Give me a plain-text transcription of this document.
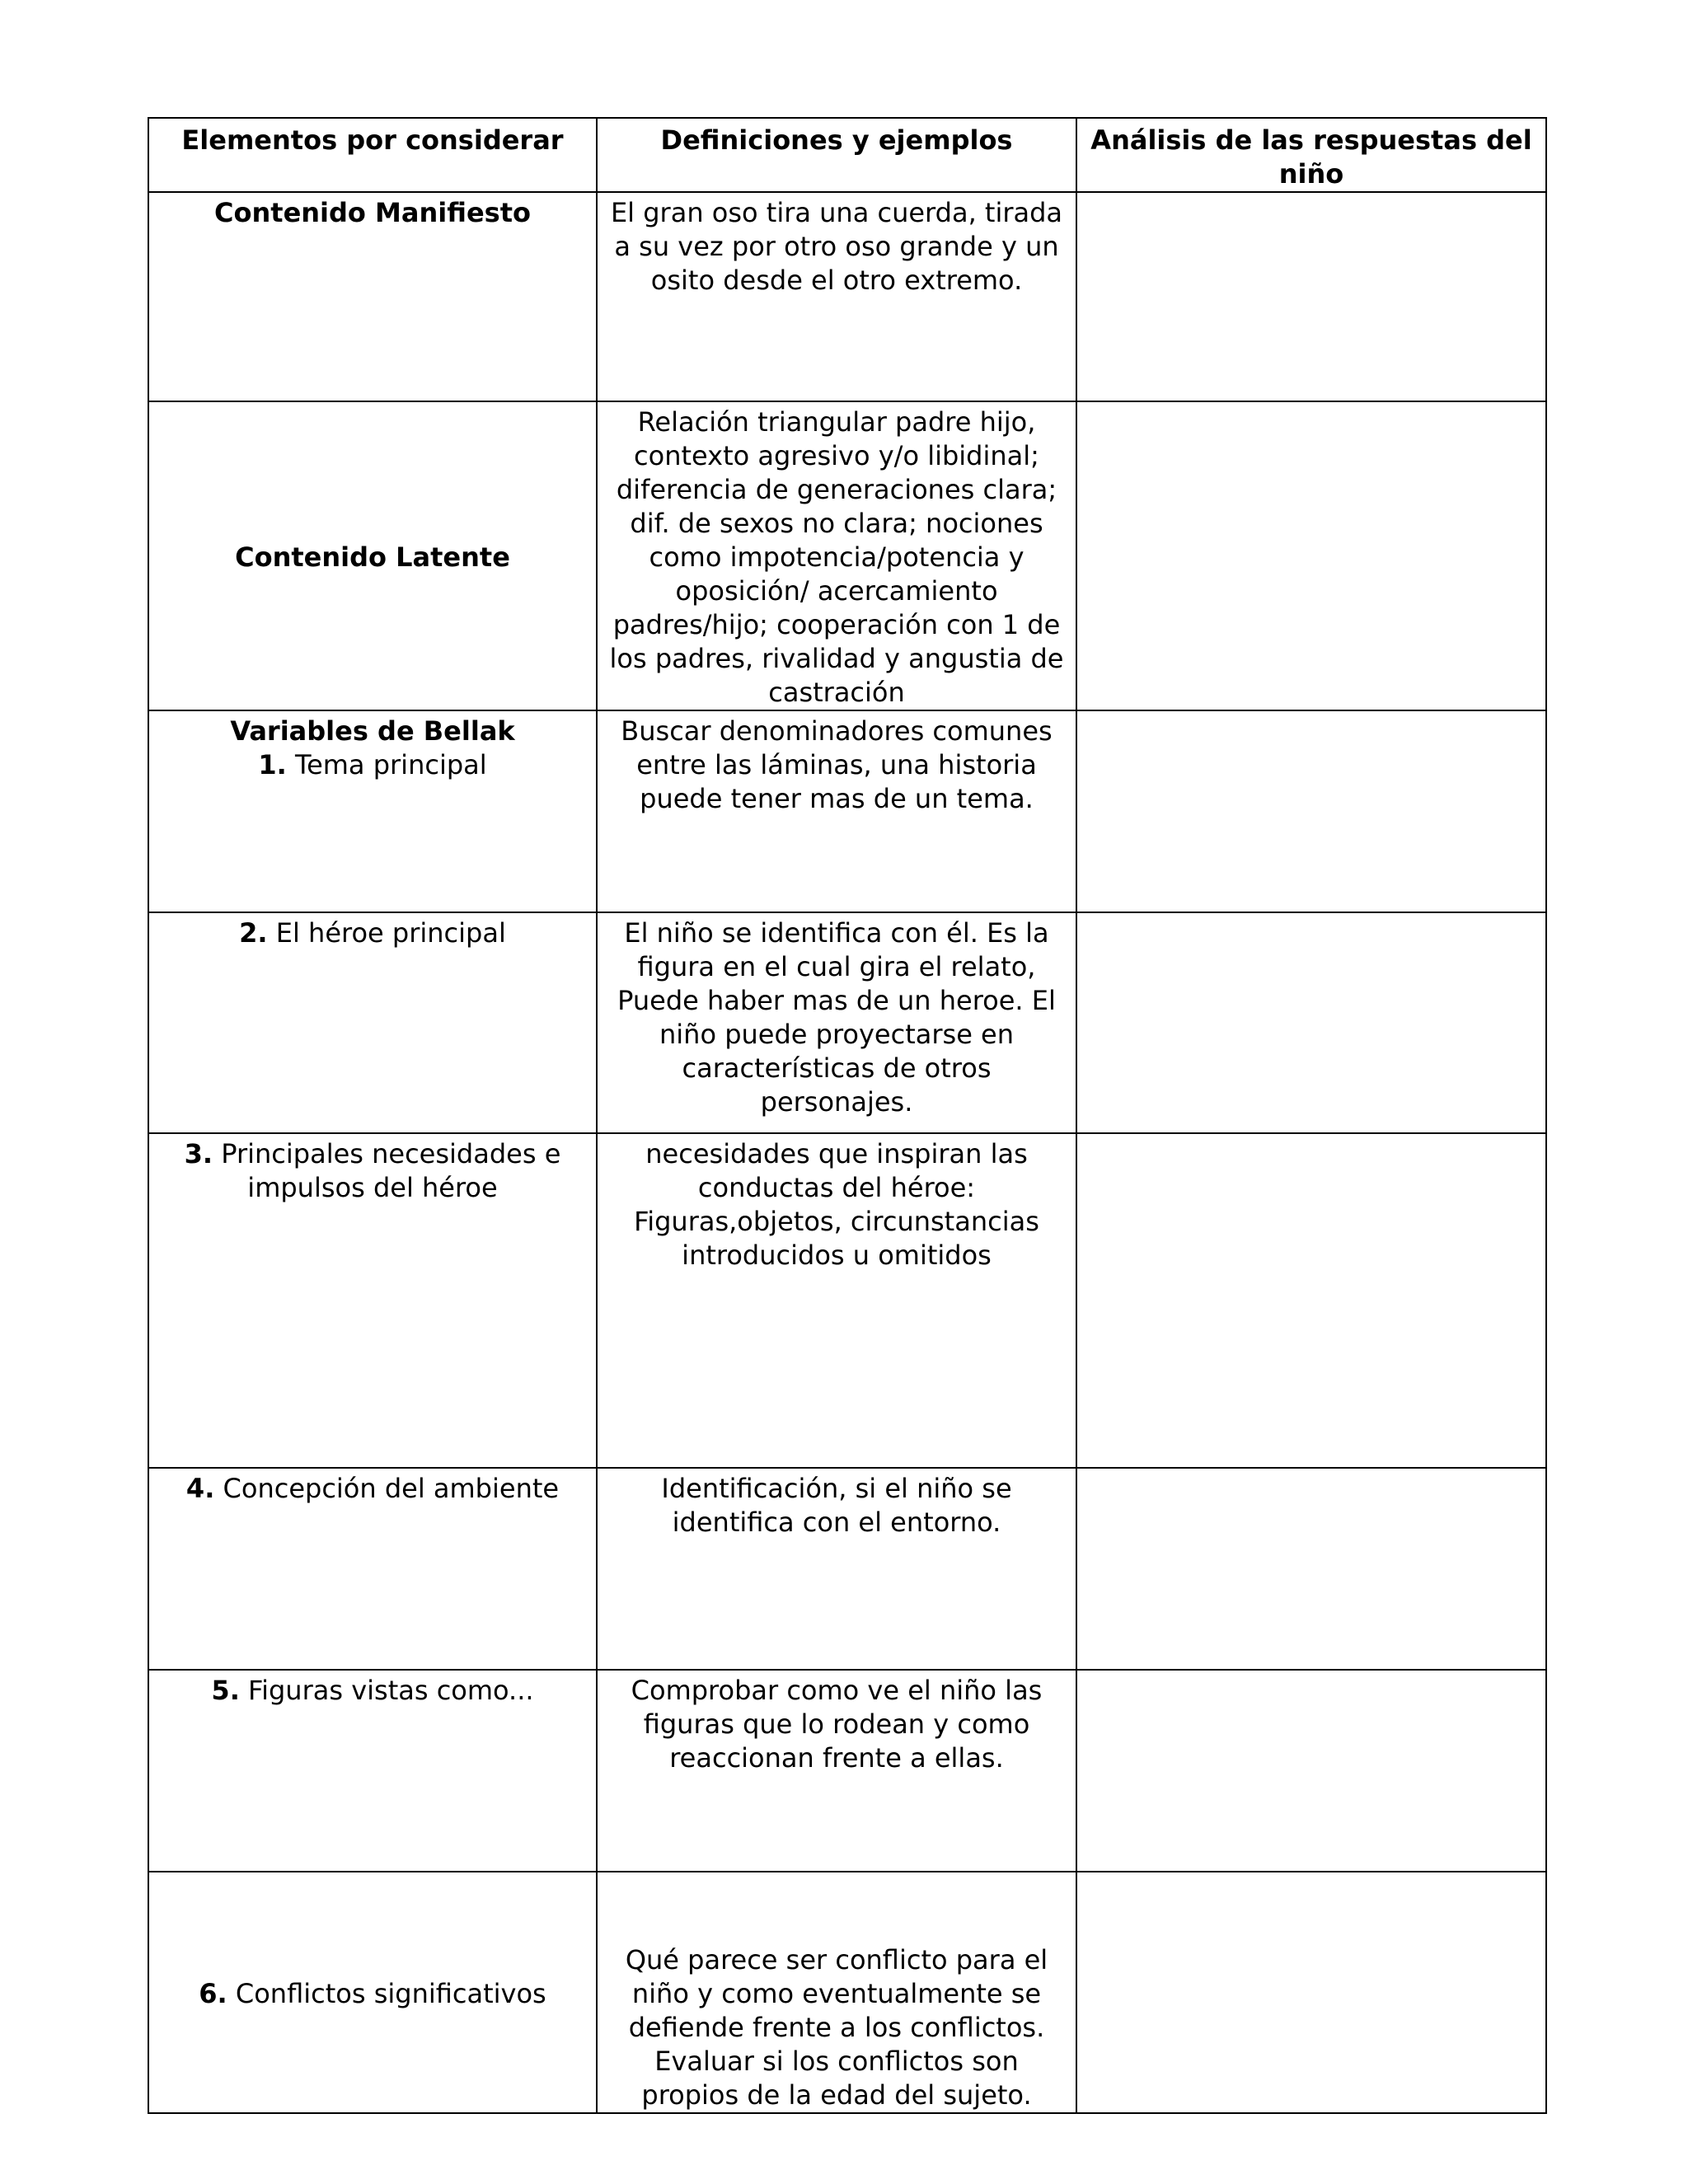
Elementos por considerar	Definiciones y ejemplos	Análisis de las respuestas del niño
Contenido Manifiesto	El gran oso tira una cuerda, tirada a su vez por otro oso grande y un osito desde el otro extremo.	
Contenido Latente	Relación triangular padre hijo, contexto agresivo y/o libidinal; diferencia de generaciones clara; dif. de sexos no clara; nociones como impotencia/potencia y oposición/ acercamiento padres/hijo; cooperación con 1 de los padres, rivalidad y angustia de castración	

Variables de Bellak
1. Tema principal	Buscar denominadores comunes entre las láminas, una historia puede tener mas de un tema.	
2. El héroe principal	El niño se identifica con él. Es la figura en el cual gira el relato, Puede haber mas de un heroe. El niño puede proyectarse en características de otros personajes.	
3. Principales necesidades e impulsos del héroe	necesidades que inspiran las conductas del héroe: Figuras,objetos, circunstancias introducidos u omitidos	
4. Concepción del ambiente	Identificación, si el niño se identifica con el entorno.	
5. Figuras vistas como...	Comprobar como ve el niño las figuras que lo rodean y como reaccionan frente a ellas.	
6. Conflictos significativos	Qué parece ser conflicto para el niño y como eventualmente se defiende frente a los conflictos. Evaluar si los conflictos son propios de la edad del sujeto.	
